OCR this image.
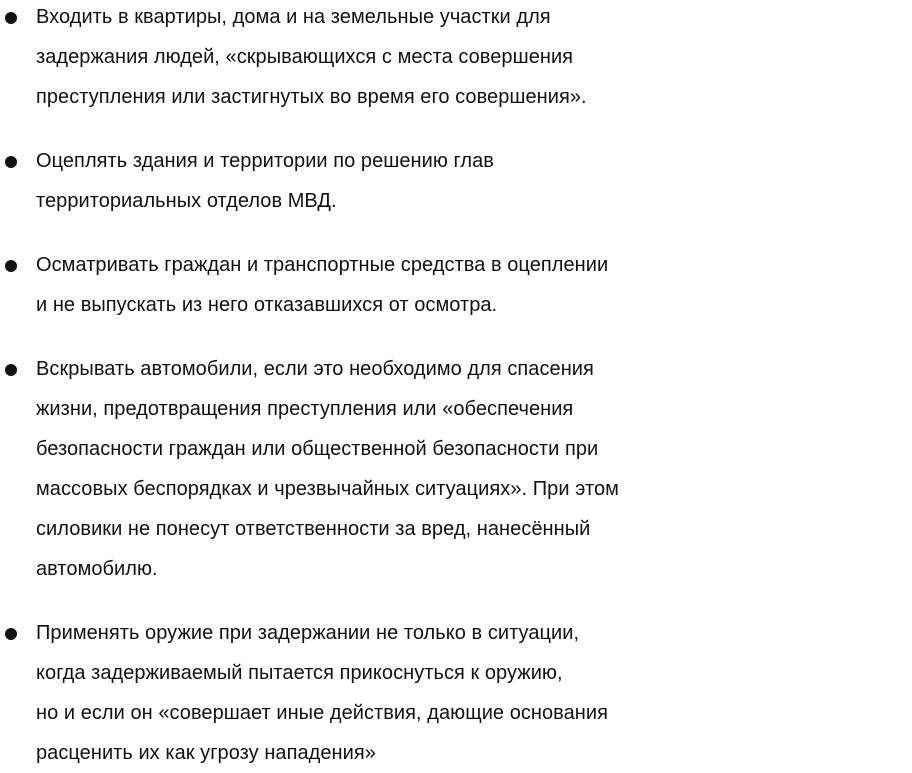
Входить в квартиры, дома и на земельные участки для
задержания людей, «скрывающихся с места совершения
преступления или застигнутых во время его совершения».
Оцеплять здания и территории по решению глав
территориальных отделов МВД.
Осматривать граждан и транспортные средства в оцеплении
и не выпускать из него отказавшихся от осмотра.
Вскрывать автомобили, если это необходимо для спасения
жизни, предотвращения преступления или «обеспечения
безопасности граждан или общественной безопасности при
массовых беспорядках и чрезвычайных ситуациях». При этом
силовики не понесут ответственности за вред, нанесённый
автомобилю.
Применять оружие при задержании не только в ситуации,
когда задерживаемый пытается прикоснуться к оружию,
но и если он «совершает иные действия, дающие основания
расценить их как угрозу нападения»
